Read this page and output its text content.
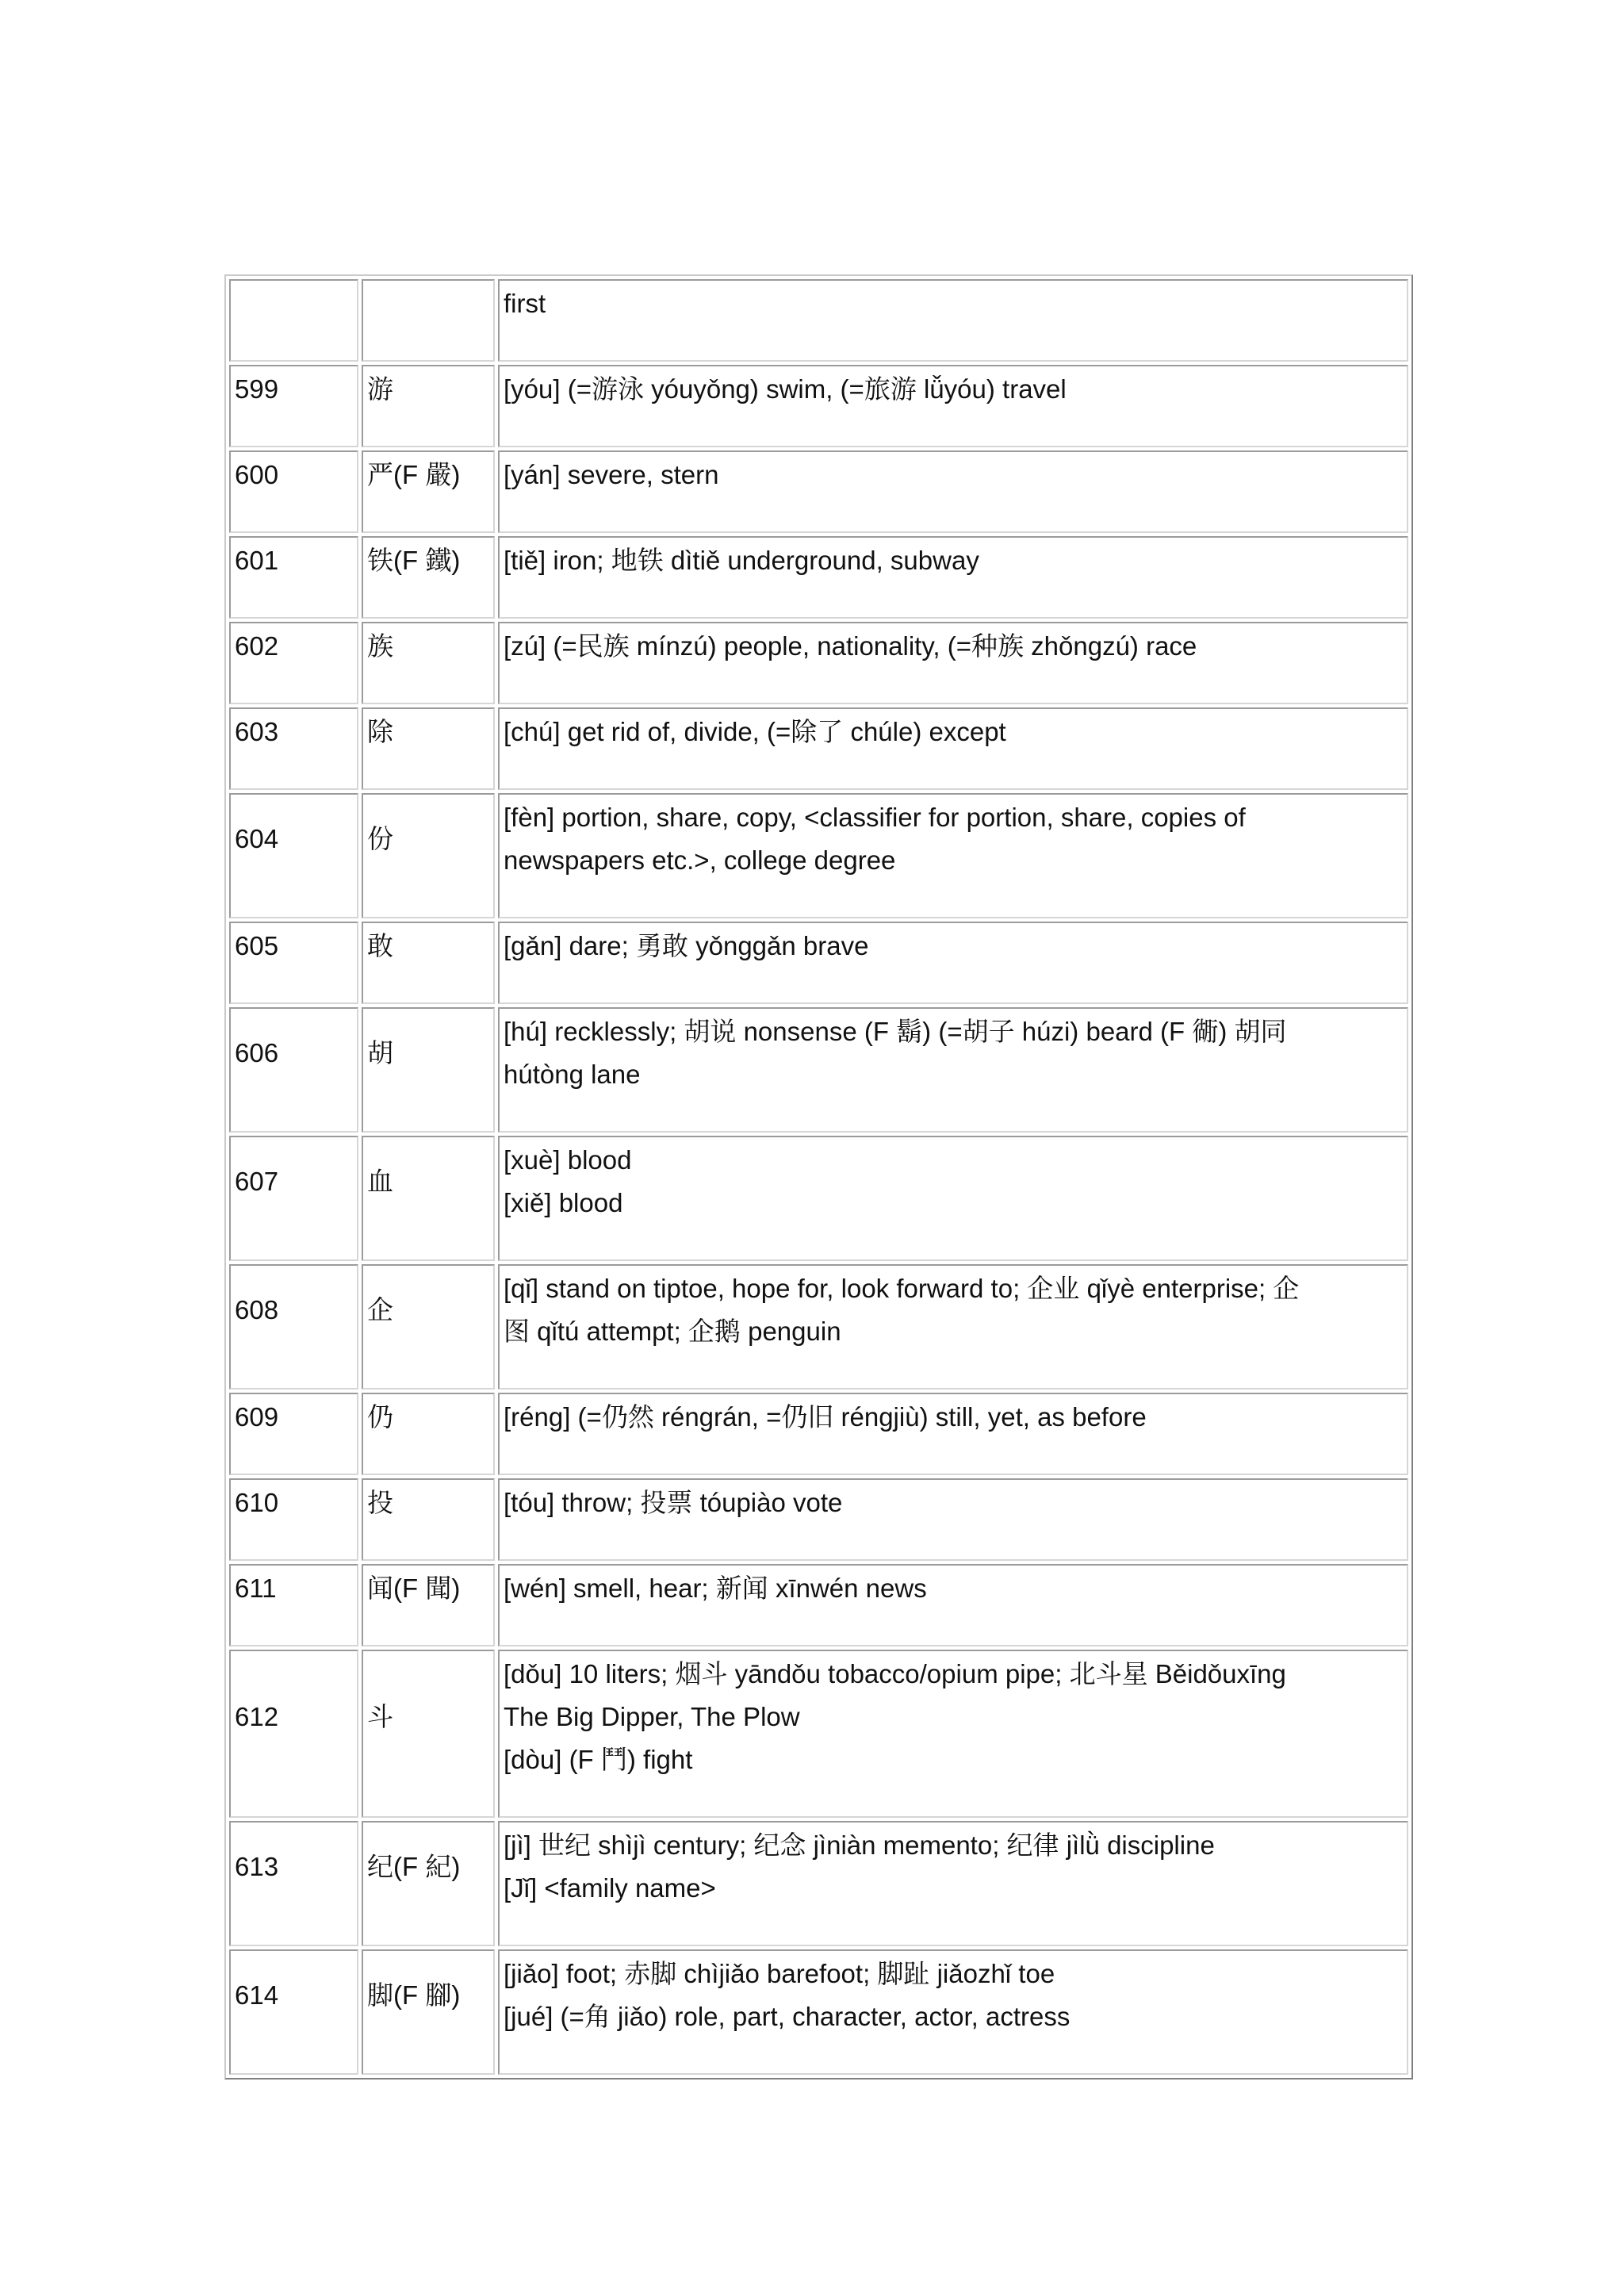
		first

599	游	[yóu] (=游泳 yóuyǒng) swim, (=旅游 lǚyóu) travel

600	严(F 嚴)	[yán] severe, stern

601	铁(F 鐵)	[tiě] iron; 地铁 dìtiě underground, subway

602	族	[zú] (=民族 mínzú) people, nationality, (=种族 zhǒngzú) race

603	除	[chú] get rid of, divide, (=除了 chúle) except

604	份	[fèn] portion, share, copy, <classifier for portion, share, copies of
newspapers etc.>, college degree

605	敢	[gǎn] dare; 勇敢 yǒnggǎn brave

606	胡	[hú] recklessly; 胡说 nonsense (F 鬍) (=胡子 húzi) beard (F 衚) 胡同
hútòng lane

607	血	[xuè] blood
[xiě] blood

608	企	[qǐ] stand on tiptoe, hope for, look forward to; 企业 qǐyè enterprise; 企
图 qǐtú attempt; 企鹅 penguin

609	仍	[réng] (=仍然 réngrán, =仍旧 réngjiù) still, yet, as before

610	投	[tóu] throw; 投票 tóupiào vote

611	闻(F 聞)	[wén] smell, hear; 新闻 xīnwén news

612	斗	[dǒu] 10 liters; 烟斗 yāndǒu tobacco/opium pipe; 北斗星 Běidǒuxīng
The Big Dipper, The Plow
[dòu] (F 鬥) fight

613	纪(F 紀)	[jì] 世纪 shìjì century; 纪念 jìniàn memento; 纪律 jìlǜ discipline
[Jǐ] <family name>

614	脚(F 腳)	[jiǎo] foot; 赤脚 chìjiǎo barefoot; 脚趾 jiǎozhǐ toe
[jué] (=角 jiǎo) role, part, character, actor, actress
